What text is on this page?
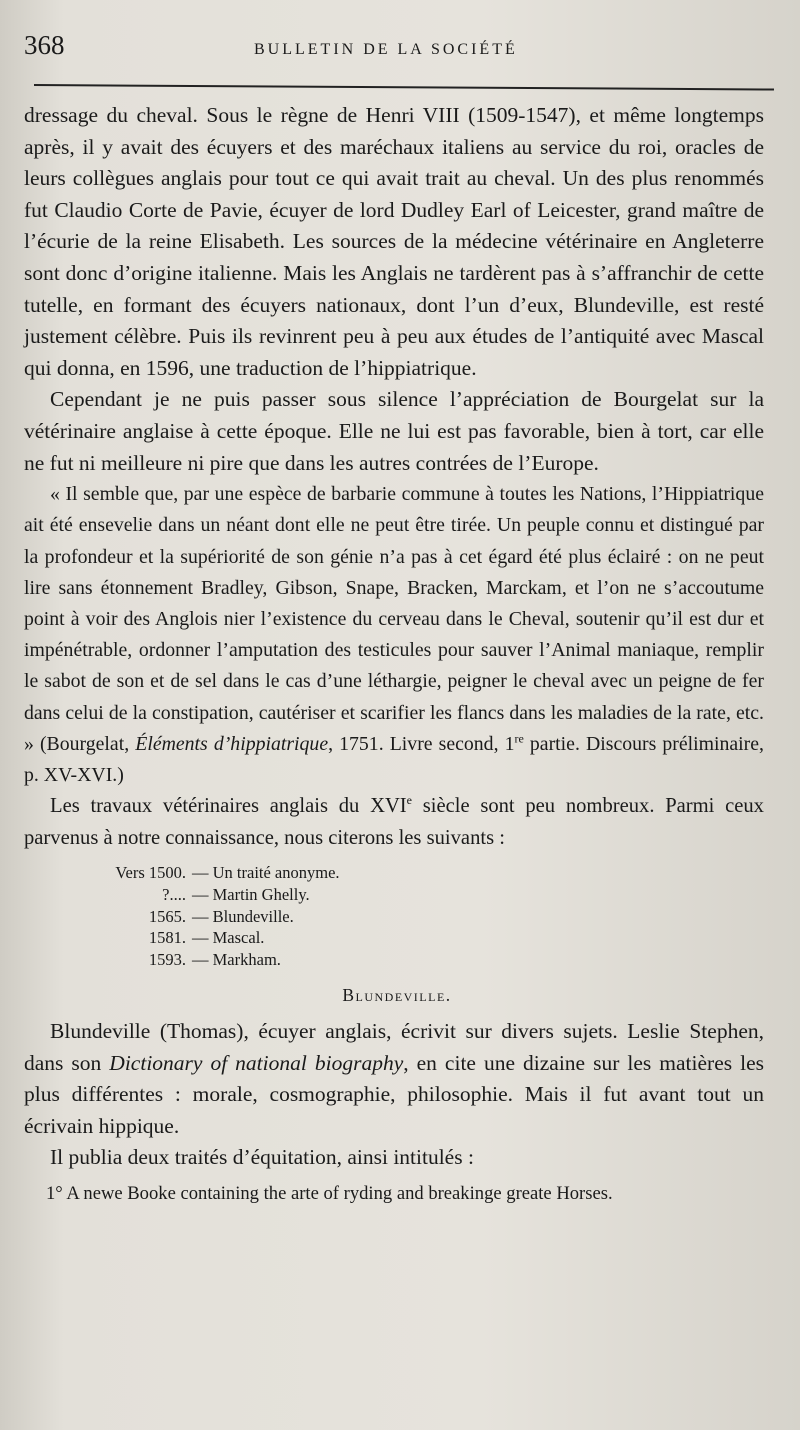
368	BULLETIN DE LA SOCIÉTÉ

dressage du cheval. Sous le règne de Henri VIII (1509-1547), et même longtemps après, il y avait des écuyers et des maréchaux italiens au service du roi, oracles de leurs collègues anglais pour tout ce qui avait trait au cheval. Un des plus renommés fut Claudio Corte de Pavie, écuyer de lord Dudley Earl of Leicester, grand maître de l’écurie de la reine Elisabeth. Les sources de la médecine vétérinaire en Angleterre sont donc d’origine italienne. Mais les Anglais ne tardèrent pas à s’affranchir de cette tutelle, en formant des écuyers nationaux, dont l’un d’eux, Blundeville, est resté justement célèbre. Puis ils revinrent peu à peu aux études de l’antiquité avec Mascal qui donna, en 1596, une traduction de l’hippiatrique.

Cependant je ne puis passer sous silence l’appréciation de Bourgelat sur la vétérinaire anglaise à cette époque. Elle ne lui est pas favorable, bien à tort, car elle ne fut ni meilleure ni pire que dans les autres contrées de l’Europe.

« Il semble que, par une espèce de barbarie commune à toutes les Nations, l’Hippiatrique ait été ensevelie dans un néant dont elle ne peut être tirée. Un peuple connu et distingué par la profondeur et la supériorité de son génie n’a pas à cet égard été plus éclairé : on ne peut lire sans étonnement Bradley, Gibson, Snape, Bracken, Marckam, et l’on ne s’accoutume point à voir des Anglois nier l’existence du cerveau dans le Cheval, soutenir qu’il est dur et impénétrable, ordonner l’amputation des testicules pour sauver l’Animal maniaque, remplir le sabot de son et de sel dans le cas d’une léthargie, peigner le cheval avec un peigne de fer dans celui de la constipation, cautériser et scarifier les flancs dans les maladies de la rate, etc. » (Bourgelat, Éléments d’hippiatrique, 1751. Livre second, 1re partie. Discours préliminaire, p. XV-XVI.)

Les travaux vétérinaires anglais du XVIe siècle sont peu nombreux. Parmi ceux parvenus à notre connaissance, nous citerons les suivants :

Vers 1500. — Un traité anonyme.
?.... — Martin Ghelly.
1565. — Blundeville.
1581. — Mascal.
1593. — Markham.
Blundeville.

Blundeville (Thomas), écuyer anglais, écrivit sur divers sujets. Leslie Stephen, dans son Dictionary of national biography, en cite une dizaine sur les matières les plus différentes : morale, cosmographie, philosophie. Mais il fut avant tout un écrivain hippique.

Il publia deux traités d’équitation, ainsi intitulés :

1° A newe Booke containing the arte of ryding and breakinge greate Horses.
